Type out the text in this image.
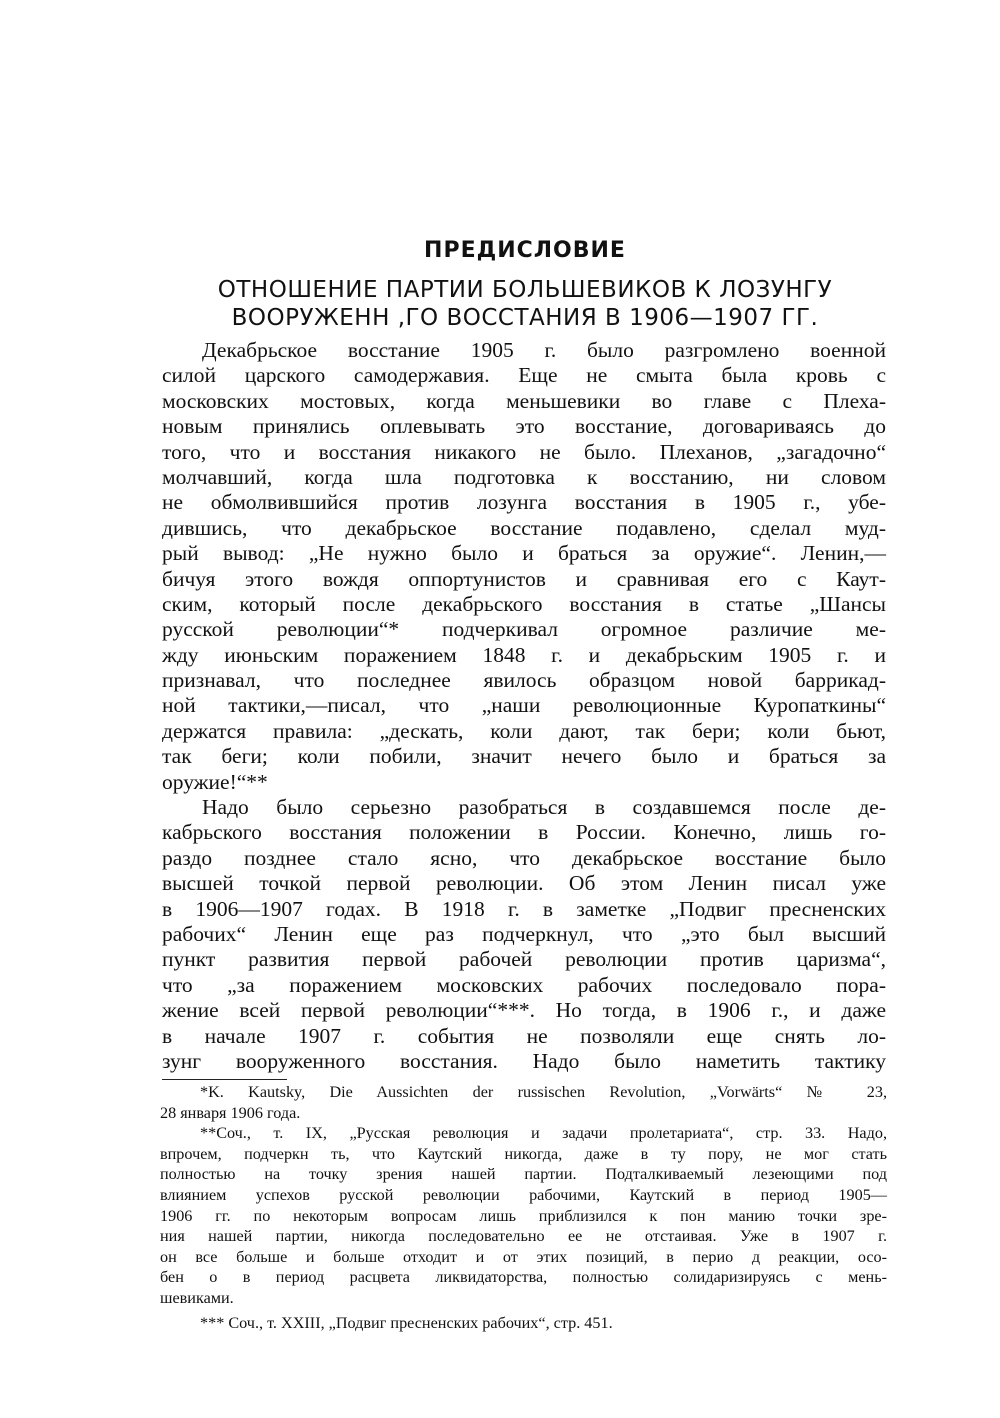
ПРЕДИСЛОВИЕ
ОТНОШЕНИЕ ПАРТИИ БОЛЬШЕВИКОВ К ЛОЗУНГУ
ВООРУЖЕНН ,ГО ВОССТАНИЯ В 1906—1907 ГГ.
Декабрьское восстание 1905 г. было разгромлено военной
силой царского самодержавия. Еще не смыта была кровь с
московских мостовых, когда меньшевики во главе с Плеха-
новым принялись оплевывать это восстание, договариваясь до
того, что и восстания никакого не было. Плеханов, „загадочно“
молчавший, когда шла подготовка к восстанию, ни словом
не обмолвившийся против лозунга восстания в 1905 г., убе-
дившись, что декабрьское восстание подавлено, сделал муд-
рый вывод: „Не нужно было и браться за оружие“. Ленин,—
бичуя этого вождя оппортунистов и сравнивая его с Каут-
ским, который после декабрьского восстания в статье „Шансы
русской революции“* подчеркивал огромное различие ме-
жду июньским поражением 1848 г. и декабрьским 1905 г. и
признавал, что последнее явилось образцом новой баррикад-
ной тактики,—писал, что „наши революционные Куропаткины“
держатся правила: „дескать, коли дают, так бери; коли бьют,
так беги; коли побили, значит нечего было и браться за
оружие!“**
Надо было серьезно разобраться в создавшемся после де-
кабрьского восстания положении в России. Конечно, лишь го-
раздо позднее стало ясно, что декабрьское восстание было
высшей точкой первой революции. Об этом Ленин писал уже
в 1906—1907 годах. В 1918 г. в заметке „Подвиг пресненских
рабочих“ Ленин еще раз подчеркнул, что „это был высший
пункт развития первой рабочей революции против царизма“,
что „за поражением московских рабочих последовало пора-
жение всей первой революции“***. Но тогда, в 1906 г., и даже
в начале 1907 г. события не позволяли еще снять ло-
зунг вооруженного восстания. Надо было наметить тактику
*K. Kautsky, Die Aussichten der russischen Revolution, „Vorwärts“ № 23,
28 января 1906 года.
**Соч., т. IX, „Русская революция и задачи пролетариата“, стр. 33. Надо,
впрочем, подчеркн ть, что Каутский никогда, даже в ту пору, не мог стать
полностью на точку зрения нашей партии. Подталкиваемый лезеющими под
влиянием успехов русской революции рабочими, Каутский в период 1905—
1906 гг. по некоторым вопросам лишь приблизился к пон манию точки зре-
ния нашей партии, никогда последовательно ее не отстаивая. Уже в 1907 г.
он все больше и больше отходит и от этих позиций, в перио д реакции, осо-
бен о в период расцвета ликвидаторства, полностью солидаризируясь с мень-
шевиками.
*** Соч., т. XXIII, „Подвиг пресненских рабочих“, стр. 451.
